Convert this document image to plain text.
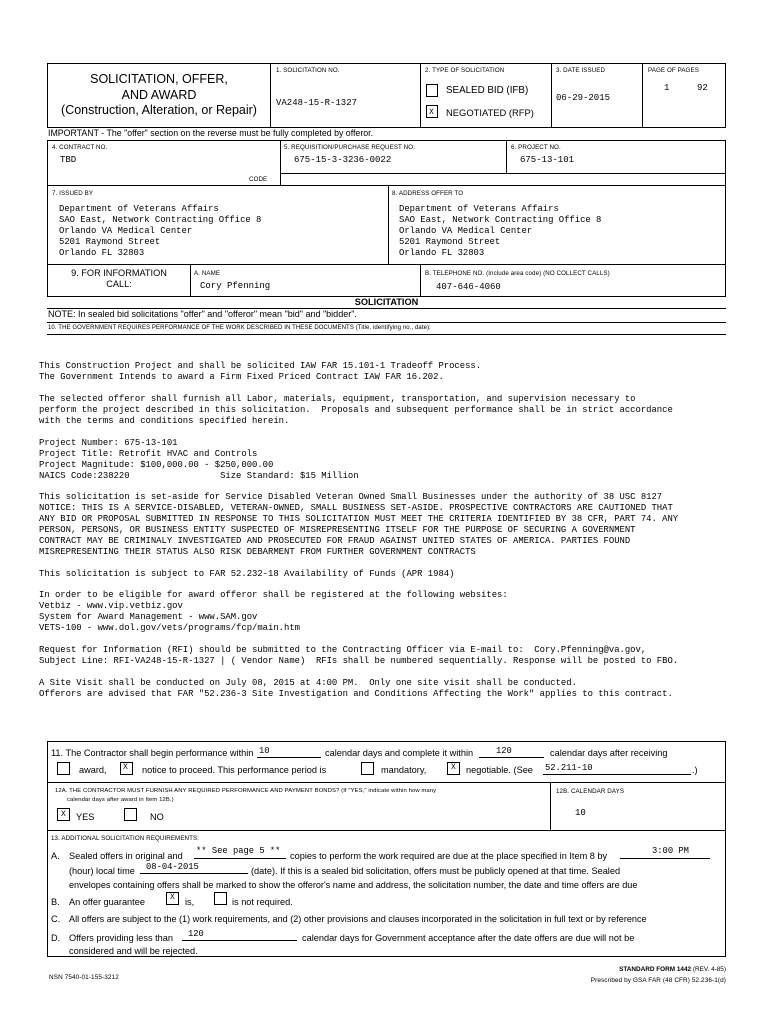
SOLICITATION, OFFER,
AND AWARD
(Construction, Alteration, or Repair)
1. SOLICITATION NO.
VA248-15-R-1327
2. TYPE OF SOLICITATION
SEALED BID (IFB)
X NEGOTIATED (RFP)
3. DATE ISSUED
06-29-2015
PAGE OF PAGES
1	92
IMPORTANT - The "offer" section on the reverse must be fully completed by offeror.
4. CONTRACT NO.
TBD
5. REQUISITION/PURCHASE REQUEST NO.
675-15-3-3236-0022
6. PROJECT NO.
675-13-101
CODE
7. ISSUED BY
Department of Veterans Affairs
SAO East, Network Contracting Office 8
Orlando VA Medical Center
5201 Raymond Street
Orlando FL 32803
8. ADDRESS OFFER TO
Department of Veterans Affairs
SAO East, Network Contracting Office 8
Orlando VA Medical Center
5201 Raymond Street
Orlando FL 32803
9. FOR INFORMATION
CALL:
A. NAME
Cory Pfenning
B. TELEPHONE NO. (Include area code) (NO COLLECT CALLS)
407-646-4060
SOLICITATION
NOTE: In sealed bid solicitations "offer" and "offeror" mean "bid" and "bidder".
10. THE GOVERNMENT REQUIRES PERFORMANCE OF THE WORK DESCRIBED IN THESE DOCUMENTS (Title, identifying no., date):

This Construction Project and shall be solicited IAW FAR 15.101-1 Tradeoff Process.
The Government Intends to award a Firm Fixed Priced Contract IAW FAR 16.202.

The selected offeror shall furnish all Labor, materials, equipment, transportation, and supervision necessary to
perform the project described in this solicitation.  Proposals and subsequent performance shall be in strict accordance
with the terms and conditions specified herein.

Project Number: 675-13-101
Project Title: Retrofit HVAC and Controls
Project Magnitude: $100,000.00 - $250,000.00
NAICS Code:238220                 Size Standard: $15 Million

This solicitation is set-aside for Service Disabled Veteran Owned Small Businesses under the authority of 38 USC 8127
NOTICE: THIS IS A SERVICE-DISABLED, VETERAN-OWNED, SMALL BUSINESS SET-ASIDE. PROSPECTIVE CONTRACTORS ARE CAUTIONED THAT
ANY BID OR PROPOSAL SUBMITTED IN RESPONSE TO THIS SOLICITATION MUST MEET THE CRITERIA IDENTIFIED BY 38 CFR, PART 74. ANY
PERSON, PERSONS, OR BUSINESS ENTITY SUSPECTED OF MISREPRESENTING ITSELF FOR THE PURPOSE OF SECURING A GOVERNMENT
CONTRACT MAY BE CRIMINALY INVESTIGATED AND PROSECUTED FOR FRAUD AGAINST UNITED STATES OF AMERICA. PARTIES FOUND
MISREPRESENTING THEIR STATUS ALSO RISK DEBARMENT FROM FURTHER GOVERNMENT CONTRACTS

This solicitation is subject to FAR 52.232-18 Availability of Funds (APR 1984)

In order to be eligible for award offeror shall be registered at the following websites:
Vetbiz - www.vip.vetbiz.gov
System for Award Management - www.SAM.gov
VETS-100 - www.dol.gov/vets/programs/fcp/main.htm

Request for Information (RFI) should be submitted to the Contracting Officer via E-mail to:  Cory.Pfenning@va.gov,
Subject Line: RFI-VA248-15-R-1327 | ( Vendor Name)  RFIs shall be numbered sequentially. Response will be posted to FBO.

A Site Visit shall be conducted on July 08, 2015 at 4:00 PM.  Only one site visit shall be conducted.
Offerors are advised that FAR "52.236-3 Site Investigation and Conditions Affecting the Work" applies to this contract.

11. The Contractor shall begin performance within 10	calendar days and complete it within	120	calendar days after receiving
award, X notice to proceed. This performance period is	mandatory,	X negotiable. (See 52.211-10	.)
12A. THE CONTRACTOR MUST FURNISH ANY REQUIRED PERFORMANCE AND PAYMENT BONDS? (If "YES," indicate within how many
calendar days after award in Item 12B.)
X YES	NO
12B. CALENDAR DAYS
10
13. ADDITIONAL SOLICITATION REQUIREMENTS:
A. Sealed offers in original and ** See page 5 ** copies to perform the work required are due at the place specified in Item 8 by	3:00 PM
(hour) local time 08-04-2015	(date). If this is a sealed bid solicitation, offers must be publicly opened at that time. Sealed
envelopes containing offers shall be marked to show the offeror's name and address, the solicitation number, the date and time offers are due
B. An offer guarantee	X is,	is not required.
C. All offers are subject to the (1) work requirements, and (2) other provisions and clauses incorporated in the solicitation in full text or by reference
D. Offers providing less than 120	calendar days for Government acceptance after the date offers are due will not be
considered and will be rejected.
NSN 7540-01-155-3212
STANDARD FORM 1442 (REV. 4-85)
Prescribed by GSA FAR (48 CFR) 52.236-1(d)
